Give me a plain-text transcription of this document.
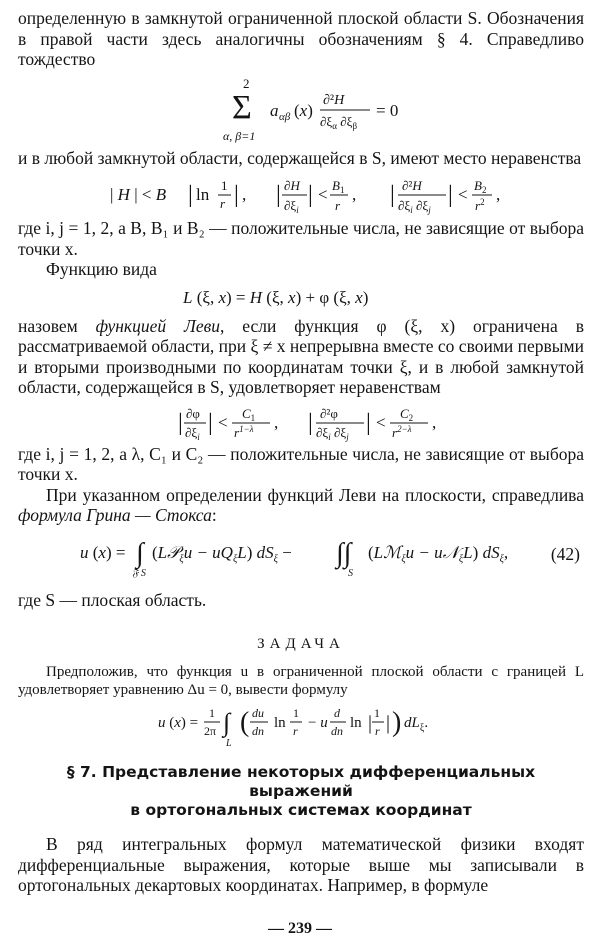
определенную в замкнутой ограниченной плоской области S. Обозначения в правой части здесь аналогичны обозначениям § 4. Справедливо тождество

2
Σ
α, β=1
a αβ (x)
∂²H
$\partial\xi_\alpha$ $\partial\xi_\beta$
= 0

и в любой замкнутой области, содержащейся в S, имеют место неравенства

| H | < B | ln 1
r | , | ∂H
$\partial\xi_i$
| < $B_1$
r
, | ∂²H
$\partial\xi_i$ $\partial\xi_j$
| < $B_2$
$r^2$ ,

где i, j = 1, 2, а B, B₁ и B₂ — положительные числа, не зависящие от выбора точки x.

Функцию вида

L (ξ, x) = H (ξ, x) + φ (ξ, x)

назовем функцией Леви, если функция φ (ξ, x) ограничена в рассматриваемой области, при ξ ≠ x непрерывна вместе со своими первыми и вторыми производными по координатам точки ξ, и в любой замкнутой области, содержащейся в S, удовлетворяет неравенствам

| ∂φ
$\partial\xi_i$
| < $C_1$
$r^{1-\lambda}$ , | ∂²φ
$\partial\xi_i$ $\partial\xi_j$
| < $C_2$
$r^{2-\lambda}$ ,

где i, j = 1, 2, а λ, C₁ и C₂ — положительные числа, не зависящие от выбора точки x.

При указанном определении функций Леви на плоскости, справедлива формула Грина — Стокса:

u (x) = ∫
𝔉 S
(L𝒫$_\xi$u − $uQ_\xi L$) $dS_\xi$ − ∫∫
S
(Lℳ$_\xi$u − u𝒩$_\xi$L) $dS_\xi$, (42)

где S — плоская область.

ЗАДАЧА

Предположив, что функция u в ограниченной плоской области с границей L удовлетворяет уравнению Δu = 0, вывести формулу

u (x) =
1
2π ∫
L
( du
dn ln
1
r − u
d
dn ln | 1
r | ) $dL_\xi$.
§ 7. Представление некоторых дифференциальных выражений
в ортогональных системах координат

В ряд интегральных формул математической физики входят дифференциальные выражения, которые выше мы записывали в ортогональных декартовых координатах. Например, в формуле

— 239 —
